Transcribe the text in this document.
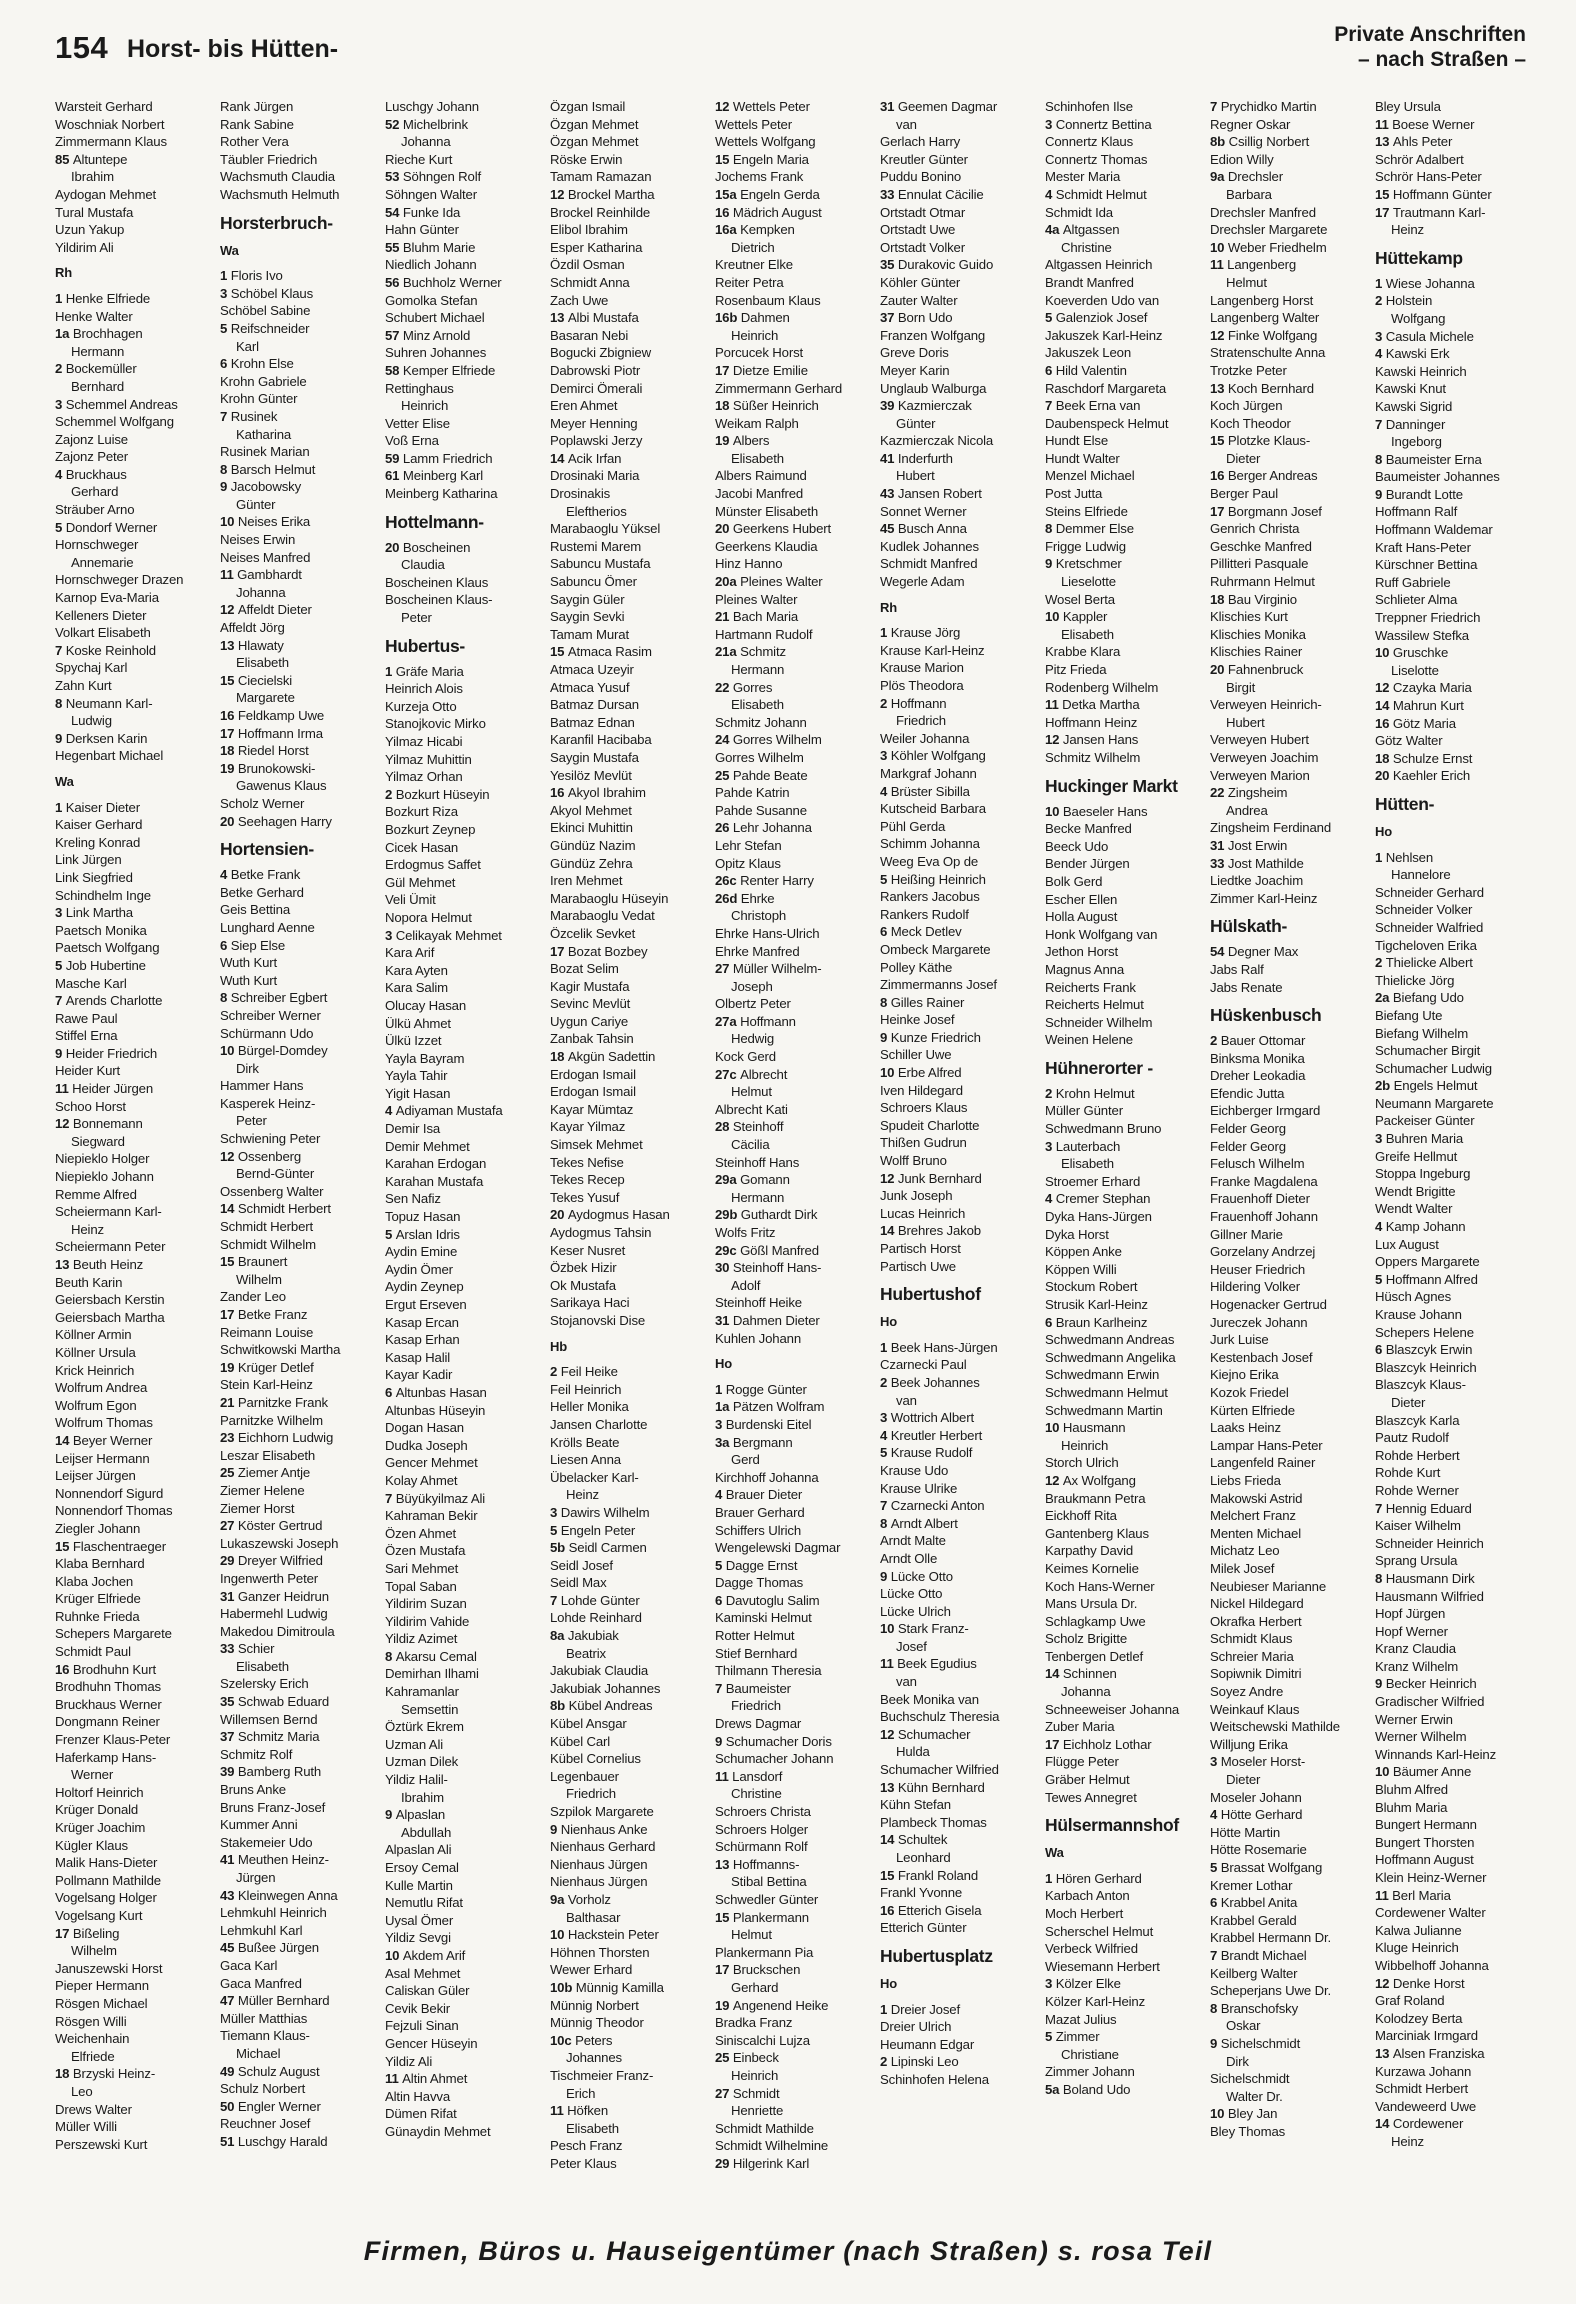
154 Horst- bis Hütten-
Private Anschriften
– nach Straßen –
Warsteit Gerhard
Woschniak Norbert
Zimmermann Klaus
85 Altuntepe
Ibrahim
Aydogan Mehmet
Tural Mustafa
Uzun Yakup
Yildirim Ali
Rh
1 Henke Elfriede
Henke Walter
1a Brochhagen
Hermann
2 Bockemüller
Bernhard
3 Schemmel Andreas
Schemmel Wolfgang
Zajonz Luise
Zajonz Peter
4 Bruckhaus
Gerhard
Sträuber Arno
5 Dondorf Werner
Hornschweger
Annemarie
Hornschweger Drazen
Karnop Eva-Maria
Kelleners Dieter
Volkart Elisabeth
7 Koske Reinhold
Spychaj Karl
Zahn Kurt
8 Neumann Karl-
Ludwig
9 Derksen Karin
Hegenbart Michael
Wa
1 Kaiser Dieter
Kaiser Gerhard
Kreling Konrad
Link Jürgen
Link Siegfried
Schindhelm Inge
3 Link Martha
Paetsch Monika
Paetsch Wolfgang
5 Job Hubertine
Masche Karl
7 Arends Charlotte
Rawe Paul
Stiffel Erna
9 Heider Friedrich
Heider Kurt
11 Heider Jürgen
Schoo Horst
12 Bonnemann
Siegward
Niepieklo Holger
Niepieklo Johann
Remme Alfred
Scheiermann Karl-
Heinz
Scheiermann Peter
13 Beuth Heinz
Beuth Karin
Geiersbach Kerstin
Geiersbach Martha
Köllner Armin
Köllner Ursula
Krick Heinrich
Wolfrum Andrea
Wolfrum Egon
Wolfrum Thomas
14 Beyer Werner
Leijser Hermann
Leijser Jürgen
Nonnendorf Sigurd
Nonnendorf Thomas
Ziegler Johann
15 Flaschentraeger
Klaba Bernhard
Klaba Jochen
Krüger Elfriede
Ruhnke Frieda
Schepers Margarete
Schmidt Paul
16 Brodhuhn Kurt
Brodhuhn Thomas
Bruckhaus Werner
Dongmann Reiner
Frenzer Klaus-Peter
Haferkamp Hans-
Werner
Holtorf Heinrich
Krüger Donald
Krüger Joachim
Kügler Klaus
Malik Hans-Dieter
Pollmann Mathilde
Vogelsang Holger
Vogelsang Kurt
17 Bißeling
Wilhelm
Januszewski Horst
Pieper Hermann
Rösgen Michael
Rösgen Willi
Weichenhain
Elfriede
18 Brzyski Heinz-
Leo
Drews Walter
Müller Willi
Perszewski Kurt
Rank Jürgen
Rank Sabine
Rother Vera
Täubler Friedrich
Wachsmuth Claudia
Wachsmuth Helmuth
Horsterbruch-
Wa
1 Floris Ivo
3 Schöbel Klaus
Schöbel Sabine
5 Reifschneider
Karl
6 Krohn Else
Krohn Gabriele
Krohn Günter
7 Rusinek
Katharina
Rusinek Marian
8 Barsch Helmut
9 Jacobowsky
Günter
10 Neises Erika
Neises Erwin
Neises Manfred
11 Gambhardt
Johanna
12 Affeldt Dieter
Affeldt Jörg
13 Hlawaty
Elisabeth
15 Ciecielski
Margarete
16 Feldkamp Uwe
17 Hoffmann Irma
18 Riedel Horst
19 Brunokowski-
Gawenus Klaus
Scholz Werner
20 Seehagen Harry
Hortensien-
4 Betke Frank
Betke Gerhard
Geis Bettina
Lunghard Aenne
6 Siep Else
Wuth Kurt
Wuth Kurt
8 Schreiber Egbert
Schreiber Werner
Schürmann Udo
10 Bürgel-Domdey
Dirk
Hammer Hans
Kasperek Heinz-
Peter
Schwiening Peter
12 Ossenberg
Bernd-Günter
Ossenberg Walter
14 Schmidt Herbert
Schmidt Herbert
Schmidt Wilhelm
15 Braunert
Wilhelm
Zander Leo
17 Betke Franz
Reimann Louise
Schwitkowski Martha
19 Krüger Detlef
Stein Karl-Heinz
21 Parnitzke Frank
Parnitzke Wilhelm
23 Eichhorn Ludwig
Leszar Elisabeth
25 Ziemer Antje
Ziemer Helene
Ziemer Horst
27 Köster Gertrud
Lukaszewski Joseph
29 Dreyer Wilfried
Ingenwerth Peter
31 Ganzer Heidrun
Habermehl Ludwig
Makedou Dimitroula
33 Schier
Elisabeth
Szelersky Erich
35 Schwab Eduard
Willemsen Bernd
37 Schmitz Maria
Schmitz Rolf
39 Bamberg Ruth
Bruns Anke
Bruns Franz-Josef
Kummer Anni
Stakemeier Udo
41 Meuthen Heinz-
Jürgen
43 Kleinwegen Anna
Lehmkuhl Heinrich
Lehmkuhl Karl
45 Bußee Jürgen
Gaca Karl
Gaca Manfred
47 Müller Bernhard
Müller Matthias
Tiemann Klaus-
Michael
49 Schulz August
Schulz Norbert
50 Engler Werner
Reuchner Josef
51 Luschgy Harald
Luschgy Johann
52 Michelbrink
Johanna
Rieche Kurt
53 Söhngen Rolf
Söhngen Walter
54 Funke Ida
Hahn Günter
55 Bluhm Marie
Niedlich Johann
56 Buchholz Werner
Gomolka Stefan
Schubert Michael
57 Minz Arnold
Suhren Johannes
58 Kemper Elfriede
Rettinghaus
Heinrich
Vetter Elise
Voß Erna
59 Lamm Friedrich
61 Meinberg Karl
Meinberg Katharina
Hottelmann-
20 Boscheinen
Claudia
Boscheinen Klaus
Boscheinen Klaus-
Peter
Hubertus-
1 Gräfe Maria
Heinrich Alois
Kurzeja Otto
Stanojkovic Mirko
Yilmaz Hicabi
Yilmaz Muhittin
Yilmaz Orhan
2 Bozkurt Hüseyin
Bozkurt Riza
Bozkurt Zeynep
Cicek Hasan
Erdogmus Saffet
Gül Mehmet
Veli Ümit
Nopora Helmut
3 Celikayak Mehmet
Kara Arif
Kara Ayten
Kara Salim
Olucay Hasan
Ülkü Ahmet
Ülkü Izzet
Yayla Bayram
Yayla Tahir
Yigit Hasan
4 Adiyaman Mustafa
Demir Isa
Demir Mehmet
Karahan Erdogan
Karahan Mustafa
Sen Nafiz
Topuz Hasan
5 Arslan Idris
Aydin Emine
Aydin Ömer
Aydin Zeynep
Ergut Erseven
Kasap Ercan
Kasap Erhan
Kasap Halil
Kayar Kadir
6 Altunbas Hasan
Altunbas Hüseyin
Dogan Hasan
Dudka Joseph
Gencer Mehmet
Kolay Ahmet
7 Büyükyilmaz Ali
Kahraman Bekir
Özen Ahmet
Özen Mustafa
Sari Mehmet
Topal Saban
Yildirim Suzan
Yildirim Vahide
Yildiz Azimet
8 Akarsu Cemal
Demirhan Ilhami
Kahramanlar
Semsettin
Öztürk Ekrem
Uzman Ali
Uzman Dilek
Yildiz Halil-
Ibrahim
9 Alpaslan
Abdullah
Alpaslan Ali
Ersoy Cemal
Kulle Martin
Nemutlu Rifat
Uysal Ömer
Yildiz Sevgi
10 Akdem Arif
Asal Mehmet
Caliskan Güler
Cevik Bekir
Fejzuli Sinan
Gencer Hüseyin
Yildiz Ali
11 Altin Ahmet
Altin Havva
Dümen Rifat
Günaydin Mehmet
Özgan Ismail
Özgan Mehmet
Özgan Mehmet
Röske Erwin
Tamam Ramazan
12 Brockel Martha
Brockel Reinhilde
Elibol Ibrahim
Esper Katharina
Özdil Osman
Schmidt Anna
Zach Uwe
13 Albi Mustafa
Basaran Nebi
Bogucki Zbigniew
Dabrowski Piotr
Demirci Ömerali
Eren Ahmet
Meyer Henning
Poplawski Jerzy
14 Acik Irfan
Drosinaki Maria
Drosinakis
Eleftherios
Marabaoglu Yüksel
Rustemi Marem
Sabuncu Mustafa
Sabuncu Ömer
Saygin Güler
Saygin Sevki
Tamam Murat
15 Atmaca Rasim
Atmaca Uzeyir
Atmaca Yusuf
Batmaz Dursan
Batmaz Ednan
Karanfil Hacibaba
Saygin Mustafa
Yesilöz Mevlüt
16 Akyol Ibrahim
Akyol Mehmet
Ekinci Muhittin
Gündüz Nazim
Gündüz Zehra
Iren Mehmet
Marabaoglu Hüseyin
Marabaoglu Vedat
Özcelik Sevket
17 Bozat Bozbey
Bozat Selim
Kagir Mustafa
Sevinc Mevlüt
Uygun Cariye
Zanbak Tahsin
18 Akgün Sadettin
Erdogan Ismail
Erdogan Ismail
Kayar Mümtaz
Kayar Yilmaz
Simsek Mehmet
Tekes Nefise
Tekes Recep
Tekes Yusuf
20 Aydogmus Hasan
Aydogmus Tahsin
Keser Nusret
Özbek Hizir
Ok Mustafa
Sarikaya Haci
Stojanovski Dise
Hb
2 Feil Heike
Feil Heinrich
Heller Monika
Jansen Charlotte
Krölls Beate
Liesen Anna
Übelacker Karl-
Heinz
3 Dawirs Wilhelm
5 Engeln Peter
5b Seidl Carmen
Seidl Josef
Seidl Max
7 Lohde Günter
Lohde Reinhard
8a Jakubiak
Beatrix
Jakubiak Claudia
Jakubiak Johannes
8b Kübel Andreas
Kübel Ansgar
Kübel Carl
Kübel Cornelius
Legenbauer
Friedrich
Szpilok Margarete
9 Nienhaus Anke
Nienhaus Gerhard
Nienhaus Jürgen
Nienhaus Jürgen
9a Vorholz
Balthasar
10 Hackstein Peter
Höhnen Thorsten
Wewer Erhard
10b Münnig Kamilla
Münnig Norbert
Münnig Theodor
10c Peters
Johannes
Tischmeier Franz-
Erich
11 Höfken
Elisabeth
Pesch Franz
Peter Klaus
12 Wettels Peter
Wettels Peter
Wettels Wolfgang
15 Engeln Maria
Jochems Frank
15a Engeln Gerda
16 Mädrich August
16a Kempken
Dietrich
Kreutner Elke
Reiter Petra
Rosenbaum Klaus
16b Dahmen
Heinrich
Porcucek Horst
17 Dietze Emilie
Zimmermann Gerhard
18 Süßer Heinrich
Weikam Ralph
19 Albers
Elisabeth
Albers Raimund
Jacobi Manfred
Münster Elisabeth
20 Geerkens Hubert
Geerkens Klaudia
Hinz Hanno
20a Pleines Walter
Pleines Walter
21 Bach Maria
Hartmann Rudolf
21a Schmitz
Hermann
22 Gorres
Elisabeth
Schmitz Johann
24 Gorres Wilhelm
Gorres Wilhelm
25 Pahde Beate
Pahde Katrin
Pahde Susanne
26 Lehr Johanna
Lehr Stefan
Opitz Klaus
26c Renter Harry
26d Ehrke
Christoph
Ehrke Hans-Ulrich
Ehrke Manfred
27 Müller Wilhelm-
Joseph
Olbertz Peter
27a Hoffmann
Hedwig
Kock Gerd
27c Albrecht
Helmut
Albrecht Kati
28 Steinhoff
Cäcilia
Steinhoff Hans
29a Gomann
Hermann
29b Guthardt Dirk
Wolfs Fritz
29c Gößl Manfred
30 Steinhoff Hans-
Adolf
Steinhoff Heike
31 Dahmen Dieter
Kuhlen Johann
Ho
1 Rogge Günter
1a Pätzen Wolfram
3 Burdenski Eitel
3a Bergmann
Gerd
Kirchhoff Johanna
4 Brauer Dieter
Brauer Gerhard
Schiffers Ulrich
Wengelewski Dagmar
5 Dagge Ernst
Dagge Thomas
6 Davutoglu Salim
Kaminski Helmut
Rotter Helmut
Stief Bernhard
Thilmann Theresia
7 Baumeister
Friedrich
Drews Dagmar
9 Schumacher Doris
Schumacher Johann
11 Lansdorf
Christine
Schroers Christa
Schroers Holger
Schürmann Rolf
13 Hoffmanns-
Stibal Bettina
Schwedler Günter
15 Plankermann
Helmut
Plankermann Pia
17 Bruckschen
Gerhard
19 Angenend Heike
Bradka Franz
Siniscalchi Lujza
25 Einbeck
Heinrich
27 Schmidt
Henriette
Schmidt Mathilde
Schmidt Wilhelmine
29 Hilgerink Karl
31 Geemen Dagmar
van
Gerlach Harry
Kreutler Günter
Puddu Bonino
33 Ennulat Cäcilie
Ortstadt Otmar
Ortstadt Uwe
Ortstadt Volker
35 Durakovic Guido
Köhler Günter
Zauter Walter
37 Born Udo
Franzen Wolfgang
Greve Doris
Meyer Karin
Unglaub Walburga
39 Kazmierczak
Günter
Kazmierczak Nicola
41 Inderfurth
Hubert
43 Jansen Robert
Sonnet Werner
45 Busch Anna
Kudlek Johannes
Schmidt Manfred
Wegerle Adam
Rh
1 Krause Jörg
Krause Karl-Heinz
Krause Marion
Plös Theodora
2 Hoffmann
Friedrich
Weiler Johanna
3 Köhler Wolfgang
Markgraf Johann
4 Brüster Sibilla
Kutscheid Barbara
Pühl Gerda
Schimm Johanna
Weeg Eva Op de
5 Heißing Heinrich
Rankers Jacobus
Rankers Rudolf
6 Meck Detlev
Ombeck Margarete
Polley Käthe
Zimmermanns Josef
8 Gilles Rainer
Heinke Josef
9 Kunze Friedrich
Schiller Uwe
10 Erbe Alfred
Iven Hildegard
Schroers Klaus
Spudeit Charlotte
Thißen Gudrun
Wolff Bruno
12 Junk Bernhard
Junk Joseph
Lucas Heinrich
14 Brehres Jakob
Partisch Horst
Partisch Uwe
Hubertushof
Ho
1 Beek Hans-Jürgen
Czarnecki Paul
2 Beek Johannes
van
3 Wottrich Albert
4 Kreutler Herbert
5 Krause Rudolf
Krause Udo
Krause Ulrike
7 Czarnecki Anton
8 Arndt Albert
Arndt Malte
Arndt Olle
9 Lücke Otto
Lücke Otto
Lücke Ulrich
10 Stark Franz-
Josef
11 Beek Egudius
van
Beek Monika van
Buchschulz Theresia
12 Schumacher
Hulda
Schumacher Wilfried
13 Kühn Bernhard
Kühn Stefan
Plambeck Thomas
14 Schultek
Leonhard
15 Frankl Roland
Frankl Yvonne
16 Etterich Gisela
Etterich Günter
Hubertusplatz
Ho
1 Dreier Josef
Dreier Ulrich
Heumann Edgar
2 Lipinski Leo
Schinhofen Helena
Schinhofen Ilse
3 Connertz Bettina
Connertz Klaus
Connertz Thomas
Mester Maria
4 Schmidt Helmut
Schmidt Ida
4a Altgassen
Christine
Altgassen Heinrich
Brandt Manfred
Koeverden Udo van
5 Galenziok Josef
Jakuszek Karl-Heinz
Jakuszek Leon
6 Hild Valentin
Raschdorf Margareta
7 Beek Erna van
Daubenspeck Helmut
Hundt Else
Hundt Walter
Menzel Michael
Post Jutta
Steins Elfriede
8 Demmer Else
Frigge Ludwig
9 Kretschmer
Lieselotte
Wosel Berta
10 Kappler
Elisabeth
Krabbe Klara
Pitz Frieda
Rodenberg Wilhelm
11 Detka Martha
Hoffmann Heinz
12 Jansen Hans
Schmitz Wilhelm
Huckinger Markt
10 Baeseler Hans
Becke Manfred
Beeck Udo
Bender Jürgen
Bolk Gerd
Escher Ellen
Holla August
Honk Wolfgang van
Jethon Horst
Magnus Anna
Reicherts Frank
Reicherts Helmut
Schneider Wilhelm
Weinen Helene
Hühnerorter -
2 Krohn Helmut
Müller Günter
Schwedmann Bruno
3 Lauterbach
Elisabeth
Stroemer Erhard
4 Cremer Stephan
Dyka Hans-Jürgen
Dyka Horst
Köppen Anke
Köppen Willi
Stockum Robert
Strusik Karl-Heinz
6 Braun Karlheinz
Schwedmann Andreas
Schwedmann Angelika
Schwedmann Erwin
Schwedmann Helmut
Schwedmann Martin
10 Hausmann
Heinrich
Storch Ulrich
12 Ax Wolfgang
Braukmann Petra
Eickhoff Rita
Gantenberg Klaus
Karpathy David
Keimes Kornelie
Koch Hans-Werner
Mans Ursula Dr.
Schlagkamp Uwe
Scholz Brigitte
Tenbergen Detlef
14 Schinnen
Johanna
Schneeweiser Johanna
Zuber Maria
17 Eichholz Lothar
Flügge Peter
Gräber Helmut
Tewes Annegret
Hülsermannshof
Wa
1 Hören Gerhard
Karbach Anton
Moch Herbert
Scherschel Helmut
Verbeck Wilfried
Wiesemann Herbert
3 Kölzer Elke
Kölzer Karl-Heinz
Mazat Julius
5 Zimmer
Christiane
Zimmer Johann
5a Boland Udo
7 Prychidko Martin
Regner Oskar
8b Csillig Norbert
Edion Willy
9a Drechsler
Barbara
Drechsler Manfred
Drechsler Margarete
10 Weber Friedhelm
11 Langenberg
Helmut
Langenberg Horst
Langenberg Walter
12 Finke Wolfgang
Stratenschulte Anna
Trotzke Peter
13 Koch Bernhard
Koch Jürgen
Koch Theodor
15 Plotzke Klaus-
Dieter
16 Berger Andreas
Berger Paul
17 Borgmann Josef
Genrich Christa
Geschke Manfred
Pillitteri Pasquale
Ruhrmann Helmut
18 Bau Virginio
Klischies Kurt
Klischies Monika
Klischies Rainer
20 Fahnenbruck
Birgit
Verweyen Heinrich-
Hubert
Verweyen Hubert
Verweyen Joachim
Verweyen Marion
22 Zingsheim
Andrea
Zingsheim Ferdinand
31 Jost Erwin
33 Jost Mathilde
Liedtke Joachim
Zimmer Karl-Heinz
Hülskath-
54 Degner Max
Jabs Ralf
Jabs Renate
Hüskenbusch
2 Bauer Ottomar
Binksma Monika
Dreher Leokadia
Efendic Jutta
Eichberger Irmgard
Felder Georg
Felder Georg
Felusch Wilhelm
Franke Magdalena
Frauenhoff Dieter
Frauenhoff Johann
Gillner Marie
Gorzelany Andrzej
Heuser Friedrich
Hildering Volker
Hogenacker Gertrud
Jureczek Johann
Jurk Luise
Kestenbach Josef
Kiejno Erika
Kozok Friedel
Kürten Elfriede
Laaks Heinz
Lampar Hans-Peter
Langenfeld Rainer
Liebs Frieda
Makowski Astrid
Melchert Franz
Menten Michael
Michatz Leo
Milek Josef
Neubieser Marianne
Nickel Hildegard
Okrafka Herbert
Schmidt Klaus
Schreier Maria
Sopiwnik Dimitri
Soyez Andre
Weinkauf Klaus
Weitschewski Mathilde
Willjung Erika
3 Moseler Horst-
Dieter
Moseler Johann
4 Hötte Gerhard
Hötte Martin
Hötte Rosemarie
5 Brassat Wolfgang
Kremer Lothar
6 Krabbel Anita
Krabbel Gerald
Krabbel Hermann Dr.
7 Brandt Michael
Keilberg Walter
Scheperjans Uwe Dr.
8 Branschofsky
Oskar
9 Sichelschmidt
Dirk
Sichelschmidt
Walter Dr.
10 Bley Jan
Bley Thomas
Bley Ursula
11 Boese Werner
13 Ahls Peter
Schrör Adalbert
Schrör Hans-Peter
15 Hoffmann Günter
17 Trautmann Karl-
Heinz
Hüttekamp
1 Wiese Johanna
2 Holstein
Wolfgang
3 Casula Michele
4 Kawski Erk
Kawski Heinrich
Kawski Knut
Kawski Sigrid
7 Danninger
Ingeborg
8 Baumeister Erna
Baumeister Johannes
9 Burandt Lotte
Hoffmann Ralf
Hoffmann Waldemar
Kraft Hans-Peter
Kürschner Bettina
Ruff Gabriele
Schlieter Alma
Treppner Friedrich
Wassilew Stefka
10 Gruschke
Liselotte
12 Czayka Maria
14 Mahrun Kurt
16 Götz Maria
Götz Walter
18 Schulze Ernst
20 Kaehler Erich
Hütten-
Ho
1 Nehlsen
Hannelore
Schneider Gerhard
Schneider Volker
Schneider Walfried
Tigcheloven Erika
2 Thielicke Albert
Thielicke Jörg
2a Biefang Udo
Biefang Ute
Biefang Wilhelm
Schumacher Birgit
Schumacher Ludwig
2b Engels Helmut
Neumann Margarete
Packeiser Günter
3 Buhren Maria
Greife Hellmut
Stoppa Ingeburg
Wendt Brigitte
Wendt Walter
4 Kamp Johann
Lux August
Oppers Margarete
5 Hoffmann Alfred
Hüsch Agnes
Krause Johann
Schepers Helene
6 Blaszcyk Erwin
Blaszcyk Heinrich
Blaszcyk Klaus-
Dieter
Blaszcyk Karla
Pautz Rudolf
Rohde Herbert
Rohde Kurt
Rohde Werner
7 Hennig Eduard
Kaiser Wilhelm
Schneider Heinrich
Sprang Ursula
8 Hausmann Dirk
Hausmann Wilfried
Hopf Jürgen
Hopf Werner
Kranz Claudia
Kranz Wilhelm
9 Becker Heinrich
Gradischer Wilfried
Werner Erwin
Werner Wilhelm
Winnands Karl-Heinz
10 Bäumer Anne
Bluhm Alfred
Bluhm Maria
Bungert Hermann
Bungert Thorsten
Hoffmann August
Klein Heinz-Werner
11 Berl Maria
Cordewener Walter
Kalwa Julianne
Kluge Heinrich
Wibbelhoff Johanna
12 Denke Horst
Graf Roland
Kolodzey Berta
Marciniak Irmgard
13 Alsen Franziska
Kurzawa Johann
Schmidt Herbert
Vandeweerd Uwe
14 Cordewener
Heinz
Firmen, Büros u. Hauseigentümer (nach Straßen) s. rosa Teil
